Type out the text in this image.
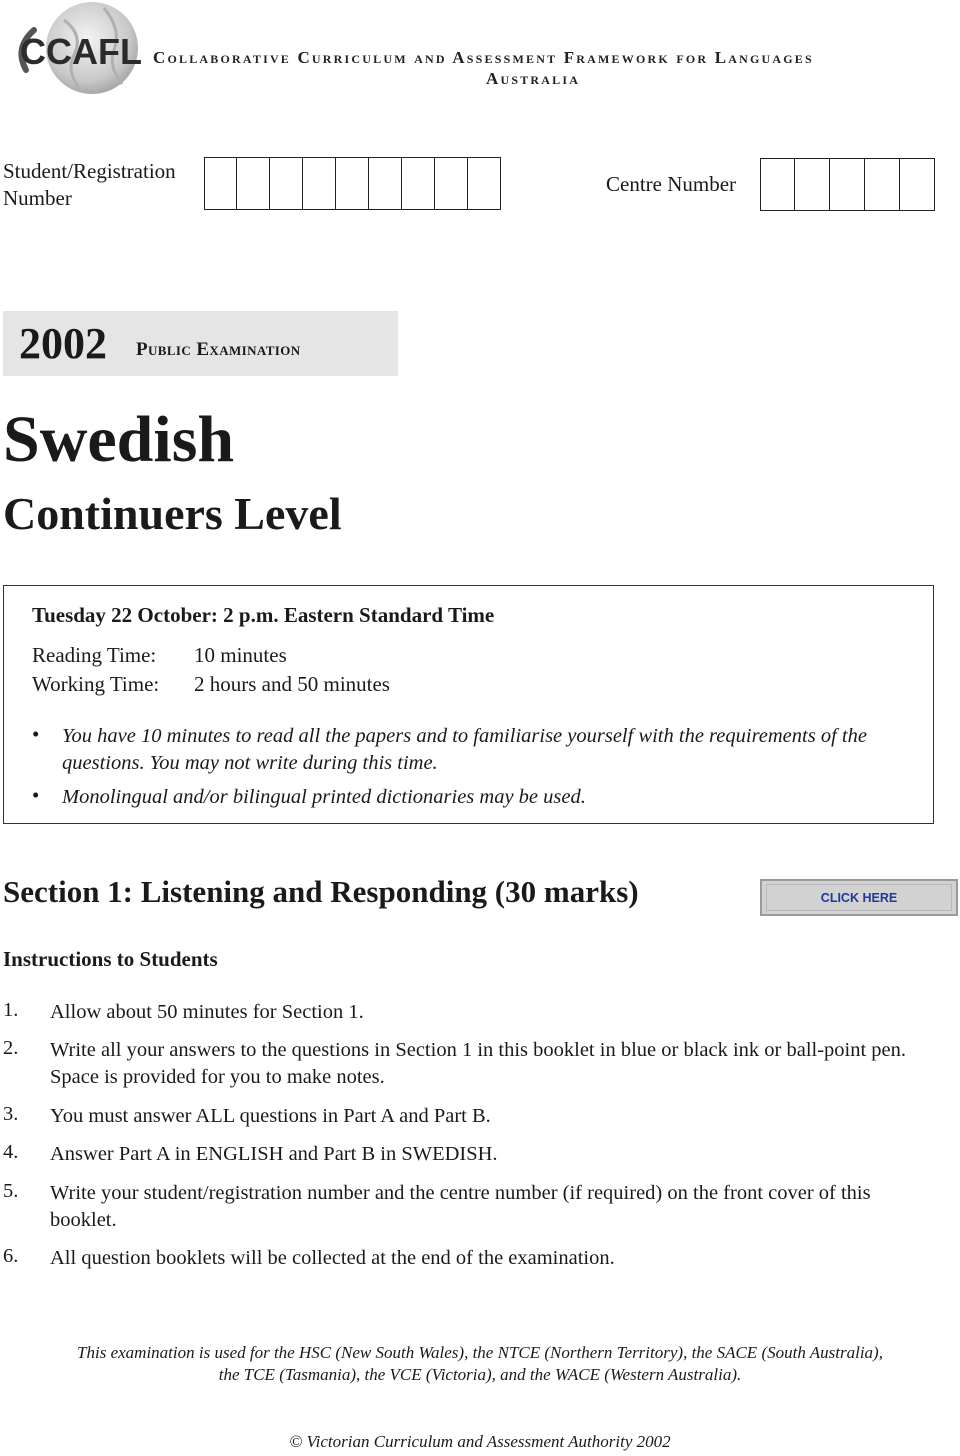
CCAFL Collaborative Curriculum and Assessment Framework for Languages
Australia
Student/Registration
Number
Centre Number
2002 Public Examination
Swedish
Continuers Level
Tuesday 22 October: 2 p.m. Eastern Standard Time
Reading Time: 10 minutes
Working Time: 2 hours and 50 minutes
• You have 10 minutes to read all the papers and to familiarise yourself with the requirements of the questions. You may not write during this time.
• Monolingual and/or bilingual printed dictionaries may be used.
Section 1: Listening and Responding (30 marks)	CLICK HERE
Instructions to Students
1. Allow about 50 minutes for Section 1.
2. Write all your answers to the questions in Section 1 in this booklet in blue or black ink or ball-point pen. Space is provided for you to make notes.
3. You must answer ALL questions in Part A and Part B.
4. Answer Part A in ENGLISH and Part B in SWEDISH.
5. Write your student/registration number and the centre number (if required) on the front cover of this booklet.
6. All question booklets will be collected at the end of the examination.
This examination is used for the HSC (New South Wales), the NTCE (Northern Territory), the SACE (South Australia),
the TCE (Tasmania), the VCE (Victoria), and the WACE (Western Australia).
© Victorian Curriculum and Assessment Authority 2002
